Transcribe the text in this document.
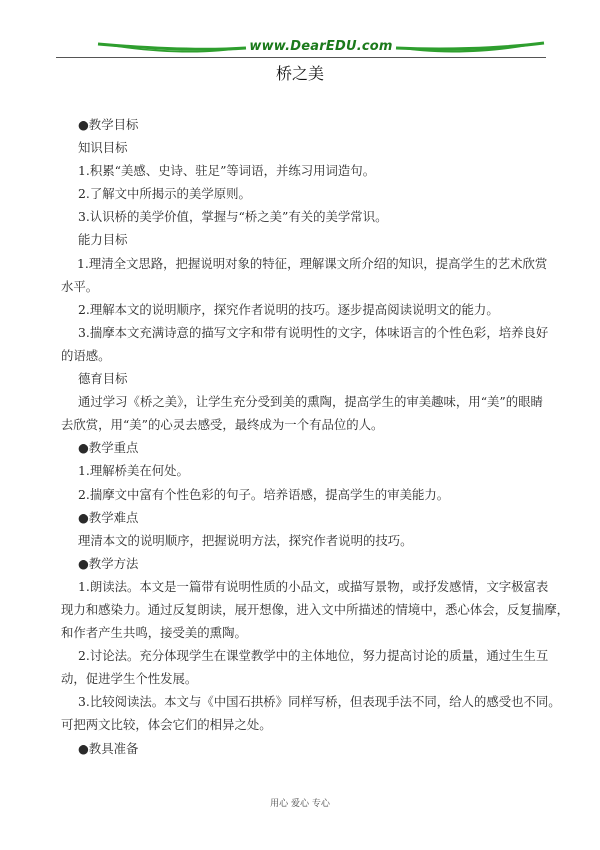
www.DearEDU.com
桥之美
●教学目标
知识目标
1.积累“美感、史诗、驻足”等词语，并练习用词造句。
2.了解文中所揭示的美学原则。
3.认识桥的美学价值，掌握与“桥之美”有关的美学常识。
能力目标
1.理清全文思路，把握说明对象的特征，理解课文所介绍的知识，提高学生的艺术欣赏
水平。
2.理解本文的说明顺序，探究作者说明的技巧。逐步提高阅读说明文的能力。
3.揣摩本文充满诗意的描写文字和带有说明性的文字，体味语言的个性色彩，培养良好
的语感。
德育目标
通过学习《桥之美》，让学生充分受到美的熏陶，提高学生的审美趣味，用“美”的眼睛
去欣赏，用“美”的心灵去感受，最终成为一个有品位的人。
●教学重点
1.理解桥美在何处。
2.揣摩文中富有个性色彩的句子。培养语感，提高学生的审美能力。
●教学难点
理清本文的说明顺序，把握说明方法，探究作者说明的技巧。
●教学方法
1.朗读法。本文是一篇带有说明性质的小品文，或描写景物，或抒发感情，文字极富表
现力和感染力。通过反复朗读，展开想像，进入文中所描述的情境中，悉心体会，反复揣摩，
和作者产生共鸣，接受美的熏陶。
2.讨论法。充分体现学生在课堂教学中的主体地位，努力提高讨论的质量，通过生生互
动，促进学生个性发展。
3.比较阅读法。本文与《中国石拱桥》同样写桥，但表现手法不同，给人的感受也不同。
可把两文比较，体会它们的相异之处。
●教具准备
用心 爱心 专心
